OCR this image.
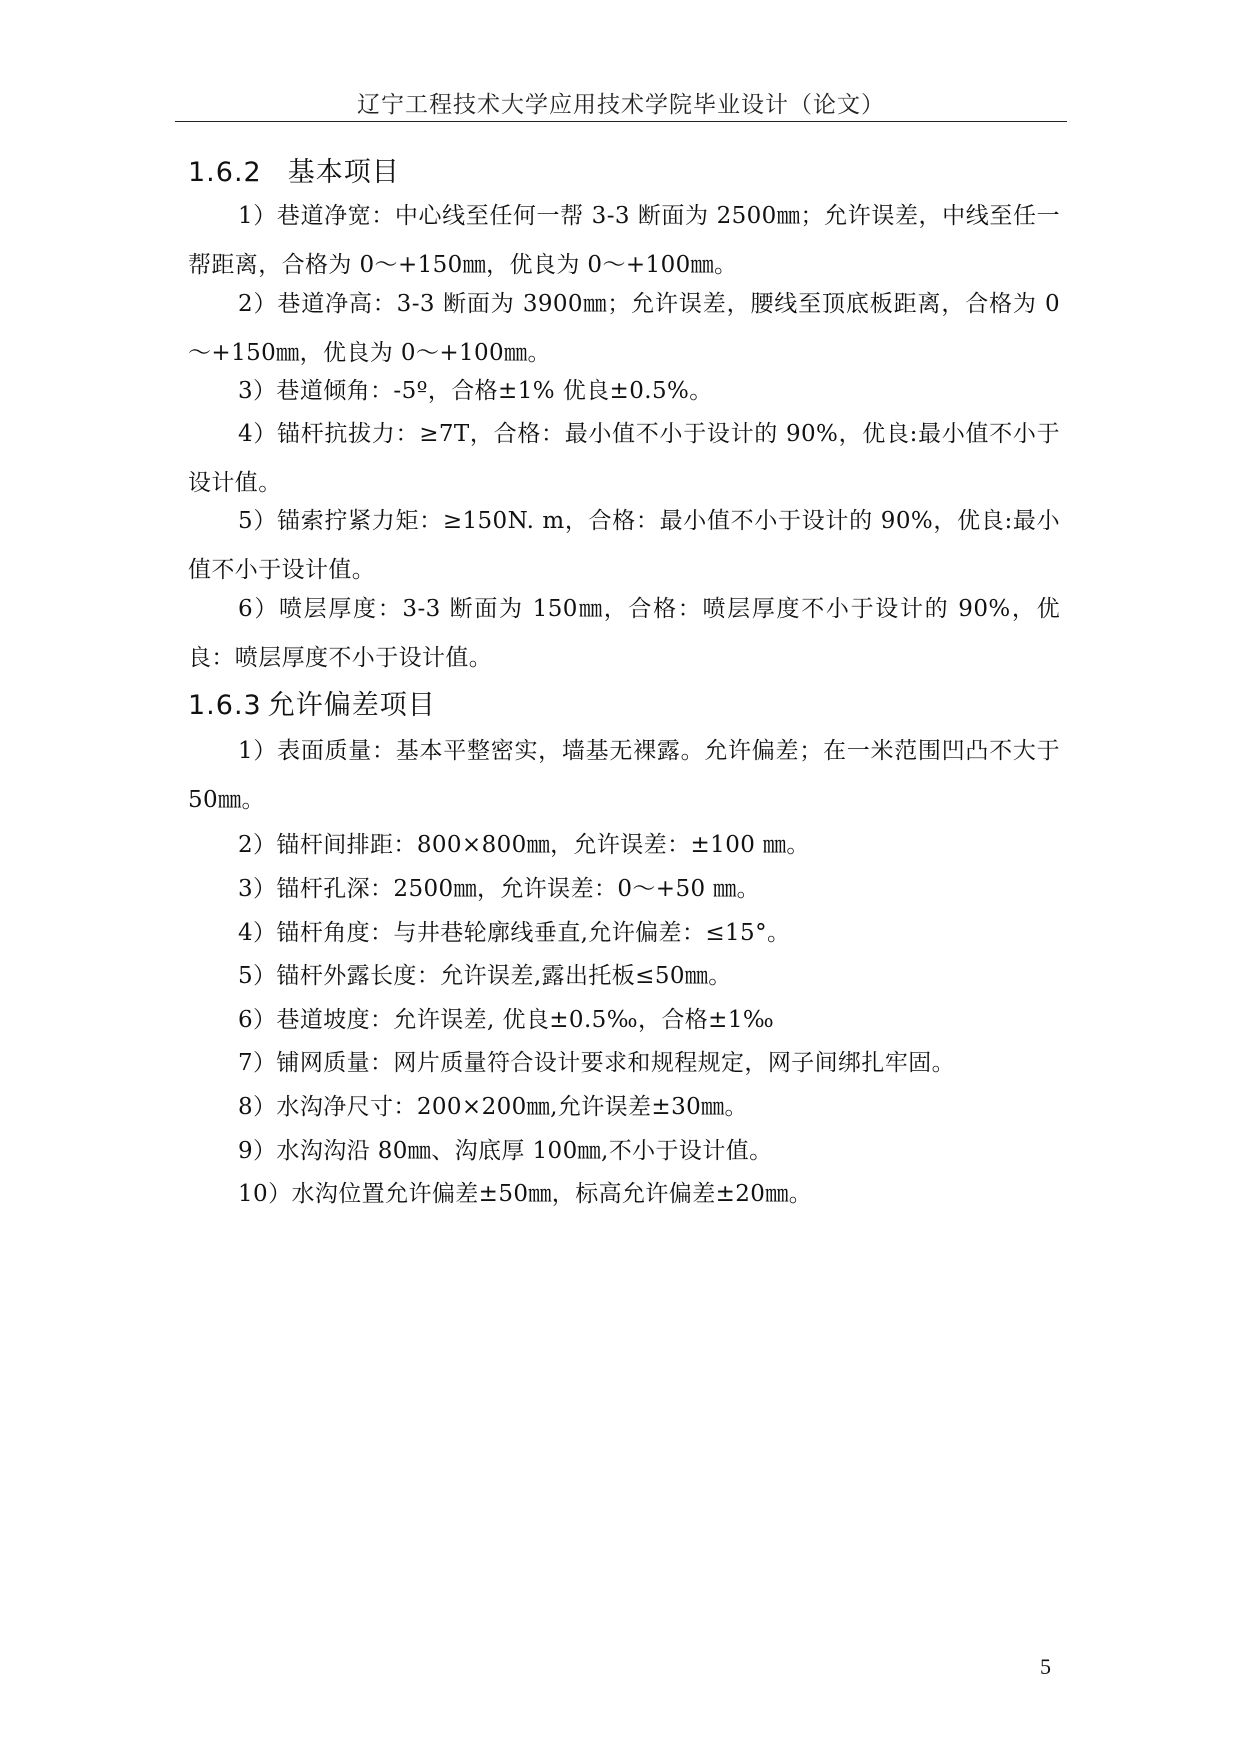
辽宁工程技术大学应用技术学院毕业设计（论文）
1.6.2 基本项目
1）巷道净宽：中心线至任何一帮 3-3 断面为 2500㎜；允许误差，中线至任一帮距离，合格为 0～+150㎜，优良为 0～+100㎜。
2）巷道净高：3-3 断面为 3900㎜；允许误差，腰线至顶底板距离，合格为 0～+150㎜，优良为 0～+100㎜。
3）巷道倾角：-5º，合格±1% 优良±0.5%。
4）锚杆抗拔力：≥7T，合格：最小值不小于设计的 90%，优良:最小值不小于设计值。
5）锚索拧紧力矩：≥150N. m，合格：最小值不小于设计的 90%，优良:最小值不小于设计值。
6）喷层厚度：3-3 断面为 150㎜，合格：喷层厚度不小于设计的 90%，优良：喷层厚度不小于设计值。
1.6.3 允许偏差项目
1）表面质量：基本平整密实，墙基无裸露。允许偏差；在一米范围凹凸不大于 50㎜。
2）锚杆间排距：800×800㎜，允许误差：±100 ㎜。
3）锚杆孔深：2500㎜，允许误差：0～+50 ㎜。
4）锚杆角度：与井巷轮廓线垂直,允许偏差：≤15°。
5）锚杆外露长度：允许误差,露出托板≤50㎜。
6）巷道坡度：允许误差, 优良±0.5‰，合格±1‰
7）铺网质量：网片质量符合设计要求和规程规定，网子间绑扎牢固。
8）水沟净尺寸：200×200㎜,允许误差±30㎜。
9）水沟沟沿 80㎜、沟底厚 100㎜,不小于设计值。
10）水沟位置允许偏差±50㎜，标高允许偏差±20㎜。
5
